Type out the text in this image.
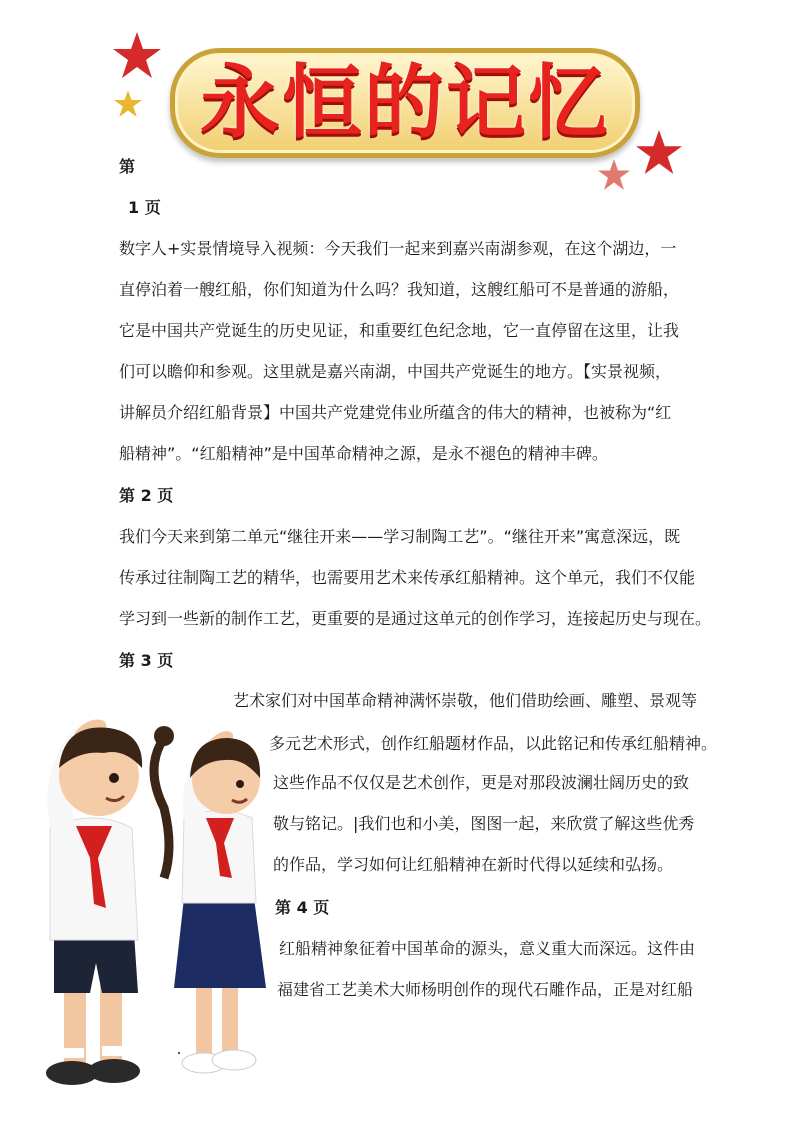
永恒的记忆
第
1 页
数字人+实景情境导入视频：今天我们一起来到嘉兴南湖参观，在这个湖边，一
直停泊着一艘红船，你们知道为什么吗？我知道，这艘红船可不是普通的游船，
它是中国共产党诞生的历史见证，和重要红色纪念地，它一直停留在这里，让我
们可以瞻仰和参观。这里就是嘉兴南湖，中国共产党诞生的地方。【实景视频，
讲解员介绍红船背景】中国共产党建党伟业所蕴含的伟大的精神，也被称为“红
船精神”。“红船精神”是中国革命精神之源，是永不褪色的精神丰碑。
第 2 页
我们今天来到第二单元“继往开来——学习制陶工艺”。“继往开来”寓意深远，既
传承过往制陶工艺的精华，也需要用艺术来传承红船精神。这个单元，我们不仅能
学习到一些新的制作工艺，更重要的是通过这单元的创作学习，连接起历史与现在。
第 3 页
艺术家们对中国革命精神满怀崇敬，他们借助绘画、雕塑、景观等
多元艺术形式，创作红船题材作品，以此铭记和传承红船精神。
这些作品不仅仅是艺术创作，更是对那段波澜壮阔历史的致
敬与铭记。|我们也和小美，图图一起，来欣赏了解这些优秀
的作品，学习如何让红船精神在新时代得以延续和弘扬。
第 4 页
红船精神象征着中国革命的源头，意义重大而深远。这件由
福建省工艺美术大师杨明创作的现代石雕作品，正是对红船
